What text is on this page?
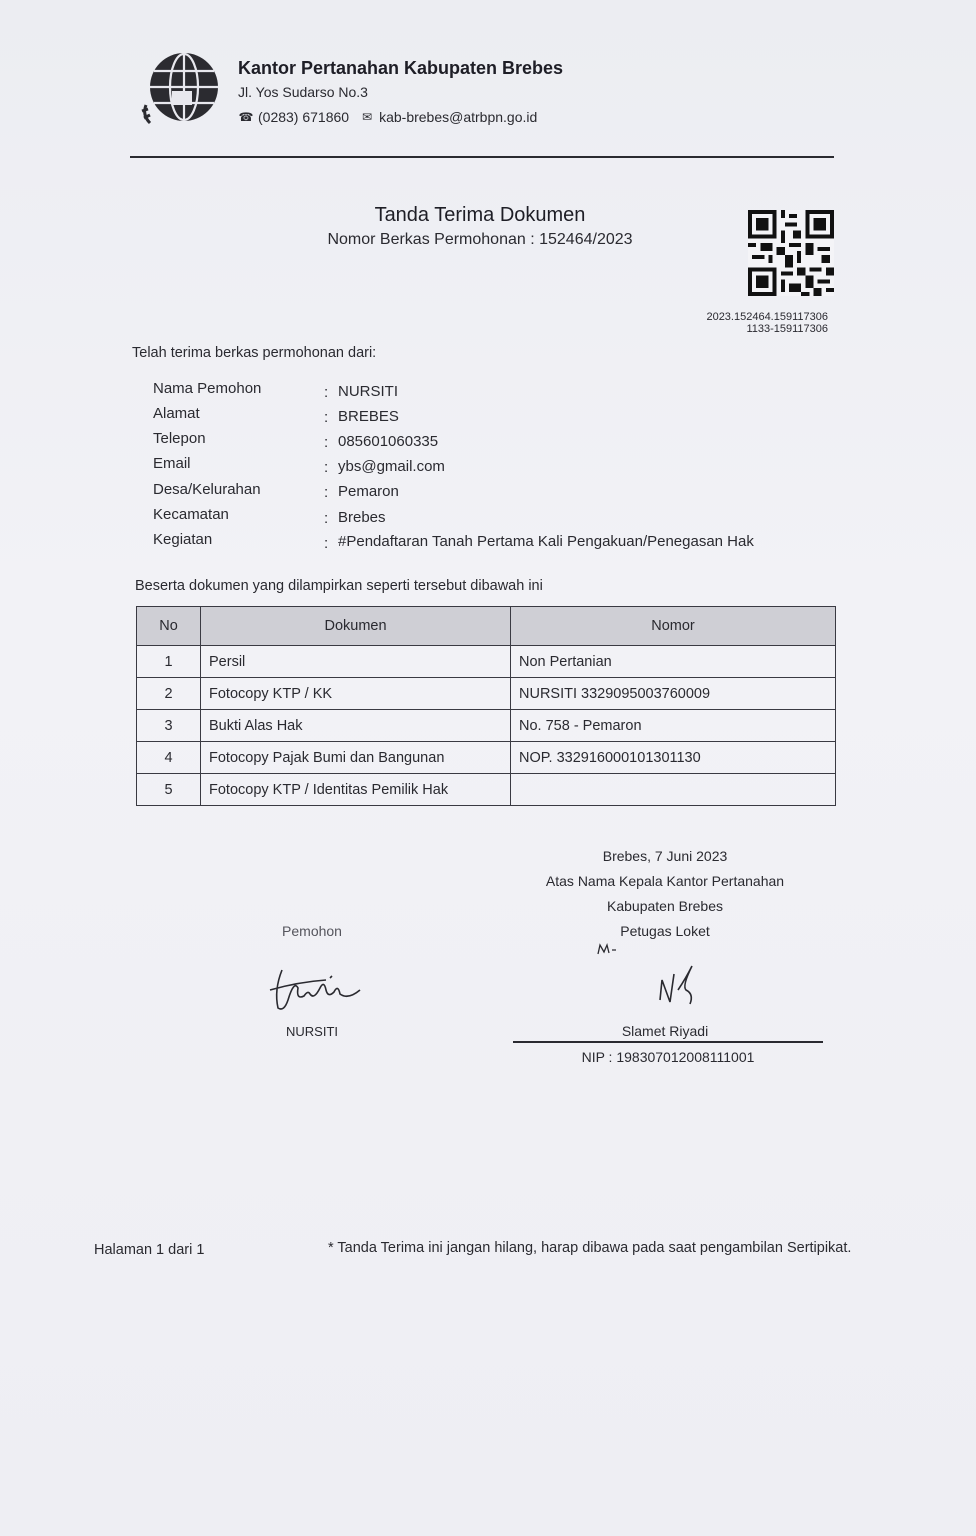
Kantor Pertanahan Kabupaten Brebes
Jl. Yos Sudarso No.3
☎ (0283) 671860 ✉ kab-brebes@atrbpn.go.id
Tanda Terima Dokumen
Nomor Berkas Permohonan : 152464/2023
2023.152464.159117306
1133-159117306
Telah terima berkas permohonan dari:
Nama Pemohon	: NURSITI
Alamat	: BREBES
Telepon	: 085601060335
Email	: ybs@gmail.com
Desa/Kelurahan	: Pemaron
Kecamatan	: Brebes
Kegiatan	: #Pendaftaran Tanah Pertama Kali Pengakuan/Penegasan Hak
Beserta dokumen yang dilampirkan seperti tersebut dibawah ini
No	Dokumen	Nomor
1	Persil	Non Pertanian
2	Fotocopy KTP / KK	NURSITI 3329095003760009
3	Bukti Alas Hak	No. 758 - Pemaron
4	Fotocopy Pajak Bumi dan Bangunan	NOP. 332916000101301130
5	Fotocopy KTP / Identitas Pemilik Hak	
Brebes, 7 Juni 2023
Atas Nama Kepala Kantor Pertanahan
Kabupaten Brebes
Petugas Loket
Slamet Riyadi
NIP : 198307012008111001
Pemohon
NURSITI
Halaman 1 dari 1	* Tanda Terima ini jangan hilang, harap dibawa pada saat pengambilan Sertipikat.
